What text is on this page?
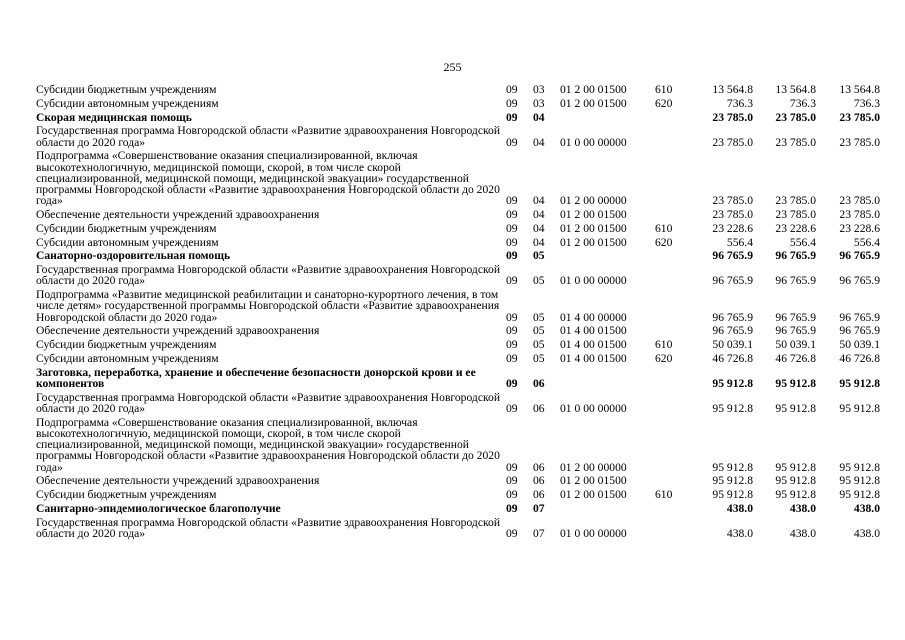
255
Субсидии бюджетным учреждениям	09	03	01 2 00 01500	610	13 564.8	13 564.8	13 564.8
Субсидии автономным учреждениям	09	03	01 2 00 01500	620	736.3	736.3	736.3
Скорая медицинская помощь	09	04			23 785.0	23 785.0	23 785.0
Государственная программа Новгородской области «Развитие здравоохранения Новгородской области до 2020 года»	09	04	01 0 00 00000		23 785.0	23 785.0	23 785.0
Подпрограмма «Совершенствование оказания специализированной, включая высокотехнологичную, медицинской помощи, скорой, в том числе скорой специализированной, медицинской помощи, медицинской эвакуации» государственной программы Новгородской области «Развитие здравоохранения Новгородской области до 2020 года»	09	04	01 2 00 00000		23 785.0	23 785.0	23 785.0
Обеспечение деятельности учреждений здравоохранения	09	04	01 2 00 01500		23 785.0	23 785.0	23 785.0
Субсидии бюджетным учреждениям	09	04	01 2 00 01500	610	23 228.6	23 228.6	23 228.6
Субсидии автономным учреждениям	09	04	01 2 00 01500	620	556.4	556.4	556.4
Санаторно-оздоровительная помощь	09	05			96 765.9	96 765.9	96 765.9
Государственная программа Новгородской области «Развитие здравоохранения Новгородской области до 2020 года»	09	05	01 0 00 00000		96 765.9	96 765.9	96 765.9
Подпрограмма «Развитие медицинской реабилитации и санаторно-курортного лечения, в том числе детям» государственной программы Новгородской области «Развитие здравоохранения Новгородской области до 2020 года»	09	05	01 4 00 00000		96 765.9	96 765.9	96 765.9
Обеспечение деятельности учреждений здравоохранения	09	05	01 4 00 01500		96 765.9	96 765.9	96 765.9
Субсидии бюджетным учреждениям	09	05	01 4 00 01500	610	50 039.1	50 039.1	50 039.1
Субсидии автономным учреждениям	09	05	01 4 00 01500	620	46 726.8	46 726.8	46 726.8
Заготовка, переработка, хранение и обеспечение безопасности донорской крови и ее компонентов	09	06			95 912.8	95 912.8	95 912.8
Государственная программа Новгородской области «Развитие здравоохранения Новгородской области до 2020 года»	09	06	01 0 00 00000		95 912.8	95 912.8	95 912.8
Подпрограмма «Совершенствование оказания специализированной, включая высокотехнологичную, медицинской помощи, скорой, в том числе скорой специализированной, медицинской помощи, медицинской эвакуации» государственной программы Новгородской области «Развитие здравоохранения Новгородской области до 2020 года»	09	06	01 2 00 00000		95 912.8	95 912.8	95 912.8
Обеспечение деятельности учреждений здравоохранения	09	06	01 2 00 01500		95 912.8	95 912.8	95 912.8
Субсидии бюджетным учреждениям	09	06	01 2 00 01500	610	95 912.8	95 912.8	95 912.8
Санитарно-эпидемиологическое благополучие	09	07			438.0	438.0	438.0
Государственная программа Новгородской области «Развитие здравоохранения Новгородской области до 2020 года»	09	07	01 0 00 00000		438.0	438.0	438.0
